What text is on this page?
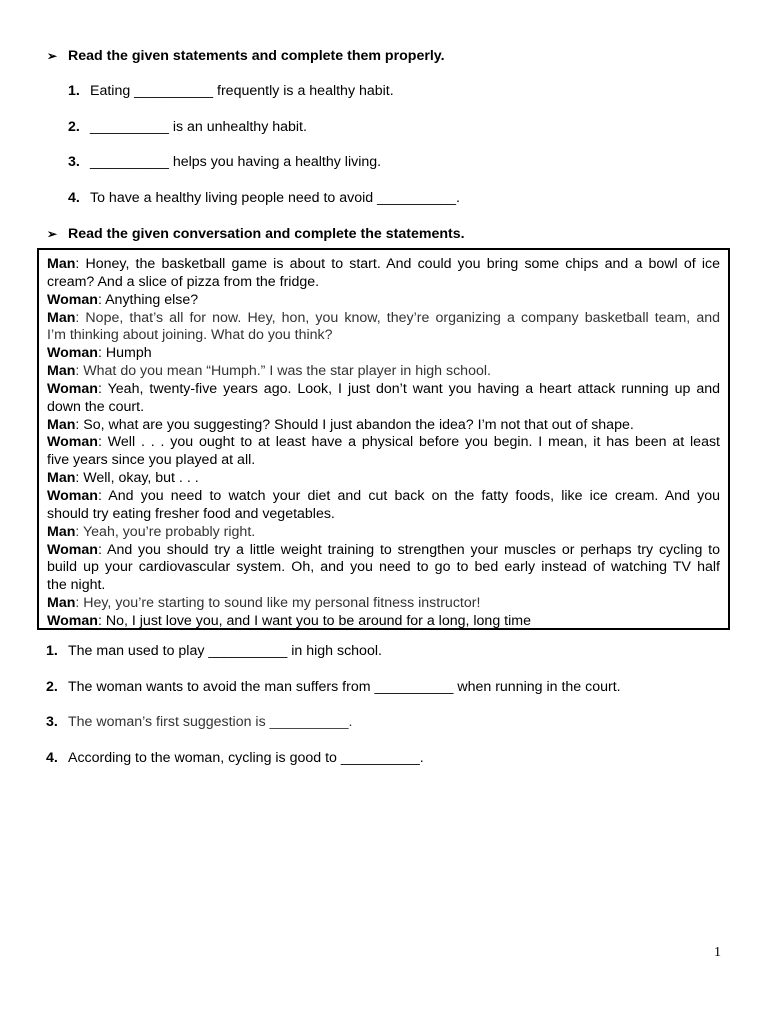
➢ Read the given statements and complete them properly.
1. Eating __________ frequently is a healthy habit.
2. __________ is an unhealthy habit.
3. __________ helps you having a healthy living.
4. To have a healthy living people need to avoid __________.
➢ Read the given conversation and complete the statements.
Man: Honey, the basketball game is about to start. And could you bring some chips and a bowl of ice
cream? And a slice of pizza from the fridge.
Woman: Anything else?
Man: Nope, that’s all for now. Hey, hon, you know, they’re organizing a company basketball team, and
I’m thinking about joining. What do you think?
Woman: Humph
Man: What do you mean “Humph.” I was the star player in high school.
Woman: Yeah, twenty-five years ago. Look, I just don’t want you having a heart attack running up and
down the court.
Man: So, what are you suggesting? Should I just abandon the idea? I’m not that out of shape.
Woman: Well . . . you ought to at least have a physical before you begin. I mean, it has been at least
five years since you played at all.
Man: Well, okay, but . . .
Woman: And you need to watch your diet and cut back on the fatty foods, like ice cream. And you
should try eating fresher food and vegetables.
Man: Yeah, you’re probably right.
Woman: And you should try a little weight training to strengthen your muscles or perhaps try cycling to
build up your cardiovascular system. Oh, and you need to go to bed early instead of watching TV half
the night.
Man: Hey, you’re starting to sound like my personal fitness instructor!
Woman: No, I just love you, and I want you to be around for a long, long time
1. The man used to play __________ in high school.
2. The woman wants to avoid the man suffers from __________ when running in the court.
3. The woman’s first suggestion is __________.
4. According to the woman, cycling is good to __________.
1
